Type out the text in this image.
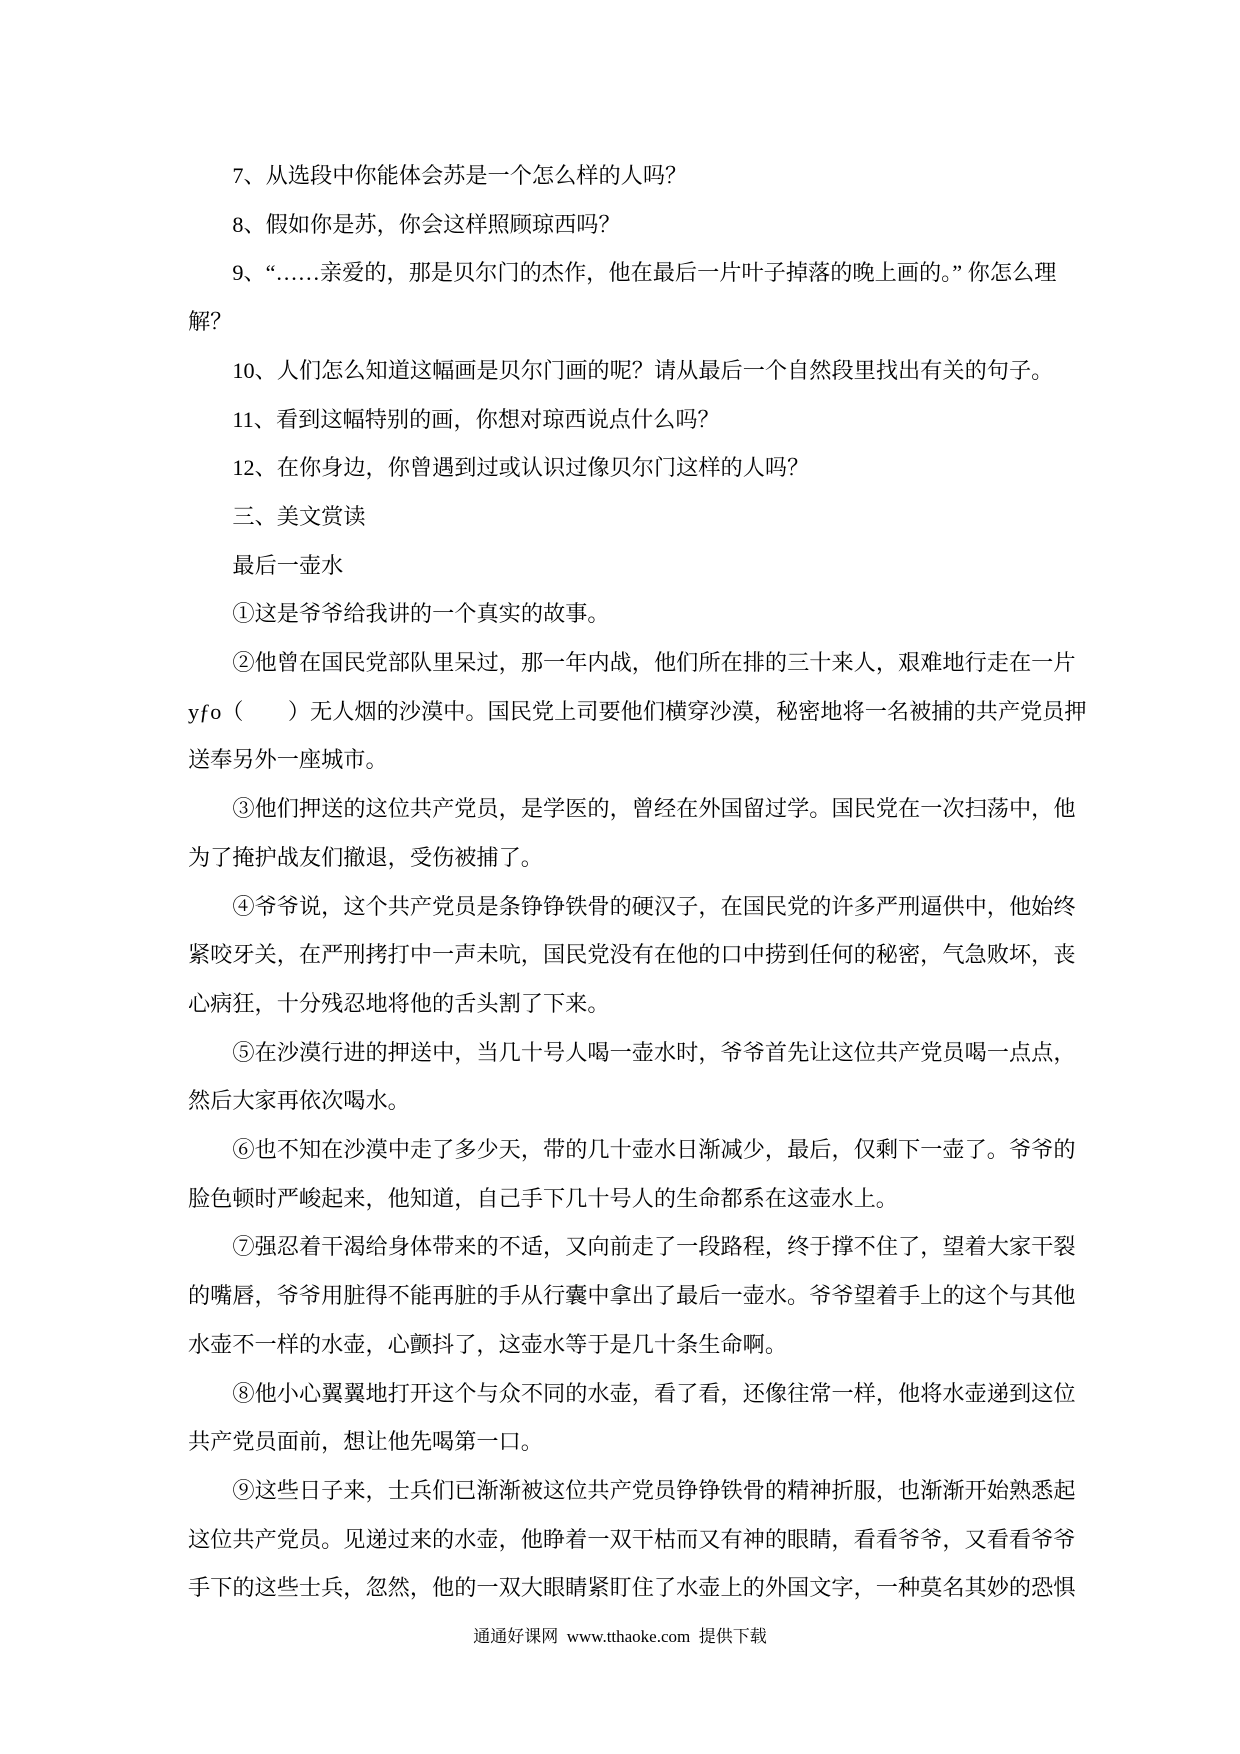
7、从选段中你能体会苏是一个怎么样的人吗？
8、假如你是苏，你会这样照顾琼西吗？
9、“……亲爱的，那是贝尔门的杰作，他在最后一片叶子掉落的晚上画的。” 你怎么理
解？
10、人们怎么知道这幅画是贝尔门画的呢？请从最后一个自然段里找出有关的句子。
11、看到这幅特别的画，你想对琼西说点什么吗？
12、在你身边，你曾遇到过或认识过像贝尔门这样的人吗？
三、美文赏读
最后一壶水
①这是爷爷给我讲的一个真实的故事。
②他曾在国民党部队里呆过，那一年内战，他们所在排的三十来人，艰难地行走在一片
yƒo（　　）无人烟的沙漠中。国民党上司要他们横穿沙漠，秘密地将一名被捕的共产党员押
送奉另外一座城市。
③他们押送的这位共产党员，是学医的，曾经在外国留过学。国民党在一次扫荡中，他
为了掩护战友们撤退，受伤被捕了。
④爷爷说，这个共产党员是条铮铮铁骨的硬汉子，在国民党的许多严刑逼供中，他始终
紧咬牙关，在严刑拷打中一声未吭，国民党没有在他的口中捞到任何的秘密，气急败坏，丧
心病狂，十分残忍地将他的舌头割了下来。
⑤在沙漠行进的押送中，当几十号人喝一壶水时，爷爷首先让这位共产党员喝一点点，
然后大家再依次喝水。
⑥也不知在沙漠中走了多少天，带的几十壶水日渐减少，最后，仅剩下一壶了。爷爷的
脸色顿时严峻起来，他知道，自己手下几十号人的生命都系在这壶水上。
⑦强忍着干渴给身体带来的不适，又向前走了一段路程，终于撑不住了，望着大家干裂
的嘴唇，爷爷用脏得不能再脏的手从行囊中拿出了最后一壶水。爷爷望着手上的这个与其他
水壶不一样的水壶，心颤抖了，这壶水等于是几十条生命啊。
⑧他小心翼翼地打开这个与众不同的水壶，看了看，还像往常一样，他将水壶递到这位
共产党员面前，想让他先喝第一口。
⑨这些日子来，士兵们已渐渐被这位共产党员铮铮铁骨的精神折服，也渐渐开始熟悉起
这位共产党员。见递过来的水壶，他睁着一双干枯而又有神的眼睛，看看爷爷，又看看爷爷
手下的这些士兵，忽然，他的一双大眼睛紧盯住了水壶上的外国文字，一种莫名其妙的恐惧
通通好课网  www.tthaoke.com  提供下载
